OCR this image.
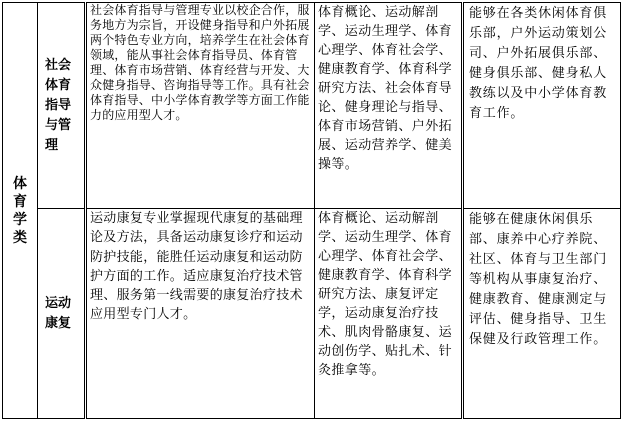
体育学类	社会体育指导与管理	社会体育指导与管理专业以校企合作，服务地方为宗旨，开设健身指导和户外拓展两个特色专业方向，培养学生在社会体育领域，能从事社会体育指导员、体育管理、体育市场营销、体育经营与开发、大众健身指导、咨询指导等工作。具有社会体育指导、中小学体育教学等方面工作能力的应用型人才。	体育概论、运动解剖学、运动生理学、体育心理学、体育社会学、健康教育学、体育科学研究方法、社会体育导论、健身理论与指导、体育市场营销、户外拓展、运动营养学、健美操等。	能够在各类休闲体育俱乐部，户外运动策划公司、户外拓展俱乐部、健身俱乐部、健身私人教练以及中小学体育教育工作。

	运动康复	运动康复专业掌握现代康复的基础理论及方法，具备运动康复诊疗和运动防护技能，能胜任运动康复和运动防护方面的工作。适应康复治疗技术管理、服务第一线需要的康复治疗技术应用型专门人才。	体育概论、运动解剖学、运动生理学、体育心理学、体育社会学、健康教育学、体育科学研究方法、康复评定学，运动康复治疗技术、肌肉骨骼康复、运动创伤学、贴扎术、针灸推拿等。	能够在健康休闲俱乐部、康养中心疗养院、社区、体育与卫生部门等机构从事康复治疗、健康教育、健康测定与评估、健身指导、卫生保健及行政管理工作。
